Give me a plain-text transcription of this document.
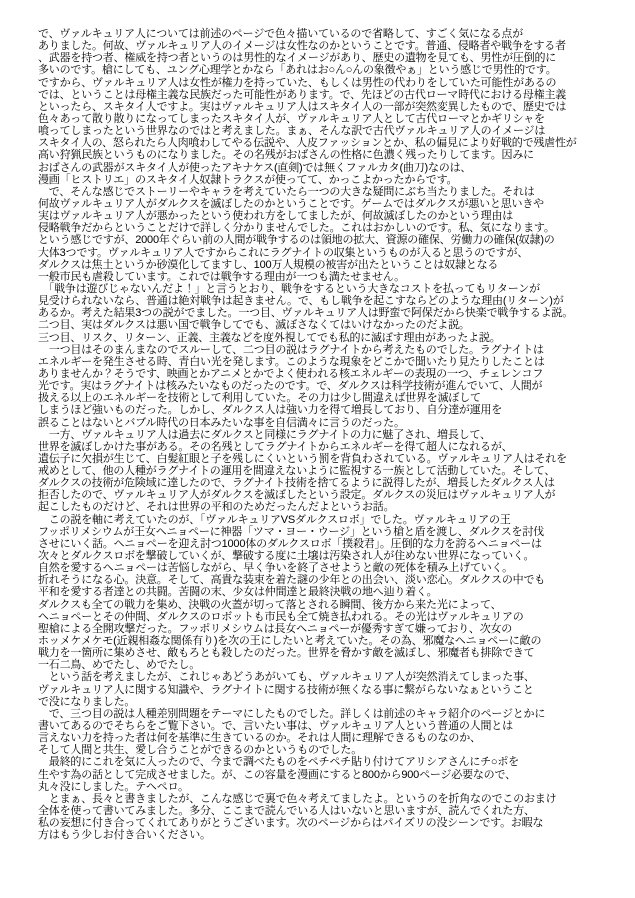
で、ヴァルキュリア人については前述のページで色々描いているので省略して、すごく気になる点が
ありました。何故、ヴァルキュリア人のイメージは女性なのかということです。普通、侵略者や戦争をする者
、武器を持つ者、権威を持つ者というのは男性的なイメージがあり、歴史の遺物を見ても、男性が圧倒的に
多いのです。槍にしても、ユング心理学とかなら「あれはお○ん○んの象徴やぁ」という感じで男性的です。
ですから、ヴァルキュリア人は女性が権力を持っていた、もしくは男性の代わりをしていた可能性があるの
では、ということは母権主義な民族だった可能性があります。で、先ほどの古代ローマ時代における母権主義
といったら、スキタイ人ですよ。実はヴァルキュリア人はスキタイ人の一部が突然変異したもので、歴史では
色々あって散り散りになってしまったスキタイ人が、ヴァルキュリア人として古代ローマとかギリシャを
喰ってしまったという世界なのではと考えました。まぁ、そんな訳で古代ヴァルキュリア人のイメージは
スキタイ人の、怒られたら人肉喰わしてやる伝説や、人皮ファッションとか、私の偏見により好戦的で残虐性が
高い狩猟民族というものになりました。その名残がおばさんの性格に色濃く残ったりしてます。因みに
おばさんの武器がスキタイ人が使ったアキナケス(直剣)では無くファルカタ(曲刀)なのは、
漫画「ヒストリエ」のスキタイ人奴隷トラクスが使ってて、かっこよかったからです。
　で、そんな感じでストーリーやキャラを考えていたら一つの大きな疑問にぶち当たりました。それは
何故ヴァルキュリア人がダルクスを滅ぼしたのかということです。ゲームではダルクスが悪いと思いきや
実はヴァルキュリア人が悪かったという使われ方をしてましたが、何故滅ぼしたのかという理由は
侵略戦争だからということだけで詳しく分かりませんでした。これはおかしいのです。私、気になります。
という感じですが、2000年ぐらい前の人間が戦争するのは領地の拡大、資源の確保、労働力の確保(奴隷)の
大体3つです。ヴァルキュリア人ですからこれにラグナイトの収集というものが入ると思うのですが、
ダルクスは焦土というか砂漠化してますし、100万人規模の被害が出たということは奴隷となる
一般市民も虐殺しています。これでは戦争する理由が一つも満たせません。
　「戦争は遊びじゃないんだよ！」と言うとおり、戦争をするという大きなコストを払ってもリターンが
見受けられないなら、普通は絶対戦争は起きません。で、もし戦争を起こすならどのような理由(リターン)が
あるか。考えた結果3つの説がでました。一つ目、ヴァルキュリア人は野蛮で阿保だから快楽で戦争するよ説。
二つ目、実はダルクスは悪い国で戦争してでも、滅ぼさなくてはいけなかったのだよ説。
三つ目、リスク、リターン、正義、主義などを度外視してでも私的に滅ぼす理由があったよ説。
　一つ目はそのまんまなのでスルーして、二つ目の説はラグナイトから考えたものでした。ラグナイトは
エネルギーを発生させる時、青白い光を発します。このような現象をどこかで聞いたり見たりしたことは
ありませんか？そうです、映画とかアニメとかでよく使われる核エネルギーの表現の一つ、チェレンコフ
光です。実はラグナイトは核みたいなものだったのです。で、ダルクスは科学技術が進んでいて、人間が
扱える以上のエネルギーを技術として利用していた。その力は少し間違えば世界を滅ぼして
しまうほど強いものだった。しかし、ダルクス人は強い力を得て増長しており、自分達が運用を
誤ることはないとバブル時代の日本みたいな事を自信満々に言うのだった。
　一方、ヴァルキュリア人は過去にダルクスと同様にラグナイトの力に魅了され、増長して、
世界を滅ぼしかけた事がある。その名残としてラグナイトからエネルギーを得て超人になれるが、
遺伝子に欠損が生じて、白髪紅眼と子を残しにくいという罰を背負わされている。ヴァルキュリア人はそれを
戒めとして、他の人種がラグナイトの運用を間違えないように監視する一族として活動していた。そして、
ダルクスの技術が危険域に達したので、ラグナイト技術を捨てるように説得したが、増長したダルクス人は
拒否したので、ヴァルキュリア人がダルクスを滅ぼしたという設定。ダルクスの災厄はヴァルキュリア人が
起こしたものだけど、それは世界の平和のためだったんだよというお話。
　この説を軸に考えていたのが、「ヴァルキュリアVSダルクスロボ」でした。ヴァルキュリアの王
フッポリメシウムが王女ヘニョペーに神器「ツマ・ヨー・ウージ」という槍と盾を渡し、ダルクスを討伐
させにいく話。ヘニョペーを迎え討つ1000体のダルクスロボ「撲殺君」。圧倒的な力を誇るヘニョペーは
次々とダルクスロボを撃破していくが、撃破する度に土壌は汚染され人が住めない世界になっていく。
自然を愛するヘニョペーは苦悩しながら、早く争いを終了させようと敵の死体を積み上げていく。
折れそうになる心。決意。そして、高貴な装束を着た謎の少年との出会い、淡い恋心。ダルクスの中でも
平和を愛する者達との共闘。苦闘の末、少女は仲間達と最終決戦の地へ辿り着く。
ダルクスも全ての戦力を集め、決戦の火蓋が切って落とされる瞬間、後方から来た光によって、
ヘニョペーとその仲間、ダルクスのロボットも市民も全て焼き払われる。その光はヴァルキュリアの
聖槍による全開攻撃だった。フッポリメシウムは長女ヘニョペーが優秀すぎて嫌っており、次女の
ホッメケメケモ(近親相姦な関係有り)を次の王にしたいと考えていた。その為、邪魔なヘニョペーに敵の
戦力を一箇所に集めさせ、敵もろとも殺したのだった。世界を脅かす敵を滅ぼし、邪魔者も排除できて
一石二鳥、めでたし、めでたし。
　という話を考えましたが、これじゃあどうあがいても、ヴァルキュリア人が突然消えてしまった事、
ヴァルキュリア人に関する知識や、ラグナイトに関する技術が無くなる事に繋がらないなぁということ
で没になりました。
　で、三つ目の説は人種差別問題をテーマにしたものでした。詳しくは前述のキャラ紹介のページとかに
書いてあるのでそちらをご覧下さい。で、言いたい事は、ヴァルキュリア人という普通の人間とは
言えない力を持った者は何を基準に生きているのか。それは人間に理解できるものなのか、
そして人間と共生、愛し合うことができるのかというものでした。
　最終的にこれを気に入ったので、今まで調べたものをペチペチ貼り付けてアリシアさんにチ○ポを
生やす為の話として完成させました。が、この容量を漫画にすると800から900ページ必要なので、
丸々没にしました。テヘペロ。
　とまぁ、長々と書きましたが、こんな感じで裏で色々考えてましたよ。というのを折角なのでこのおまけ
全体を使って書いてみました。多分、ここまで読んでいる人はいないと思いますが、読んでくれた方、
私の妄想に付き合ってくれてありがとうございます。次のページからはパイズリの没シーンです。お暇な
方はもう少しお付き合いください。
